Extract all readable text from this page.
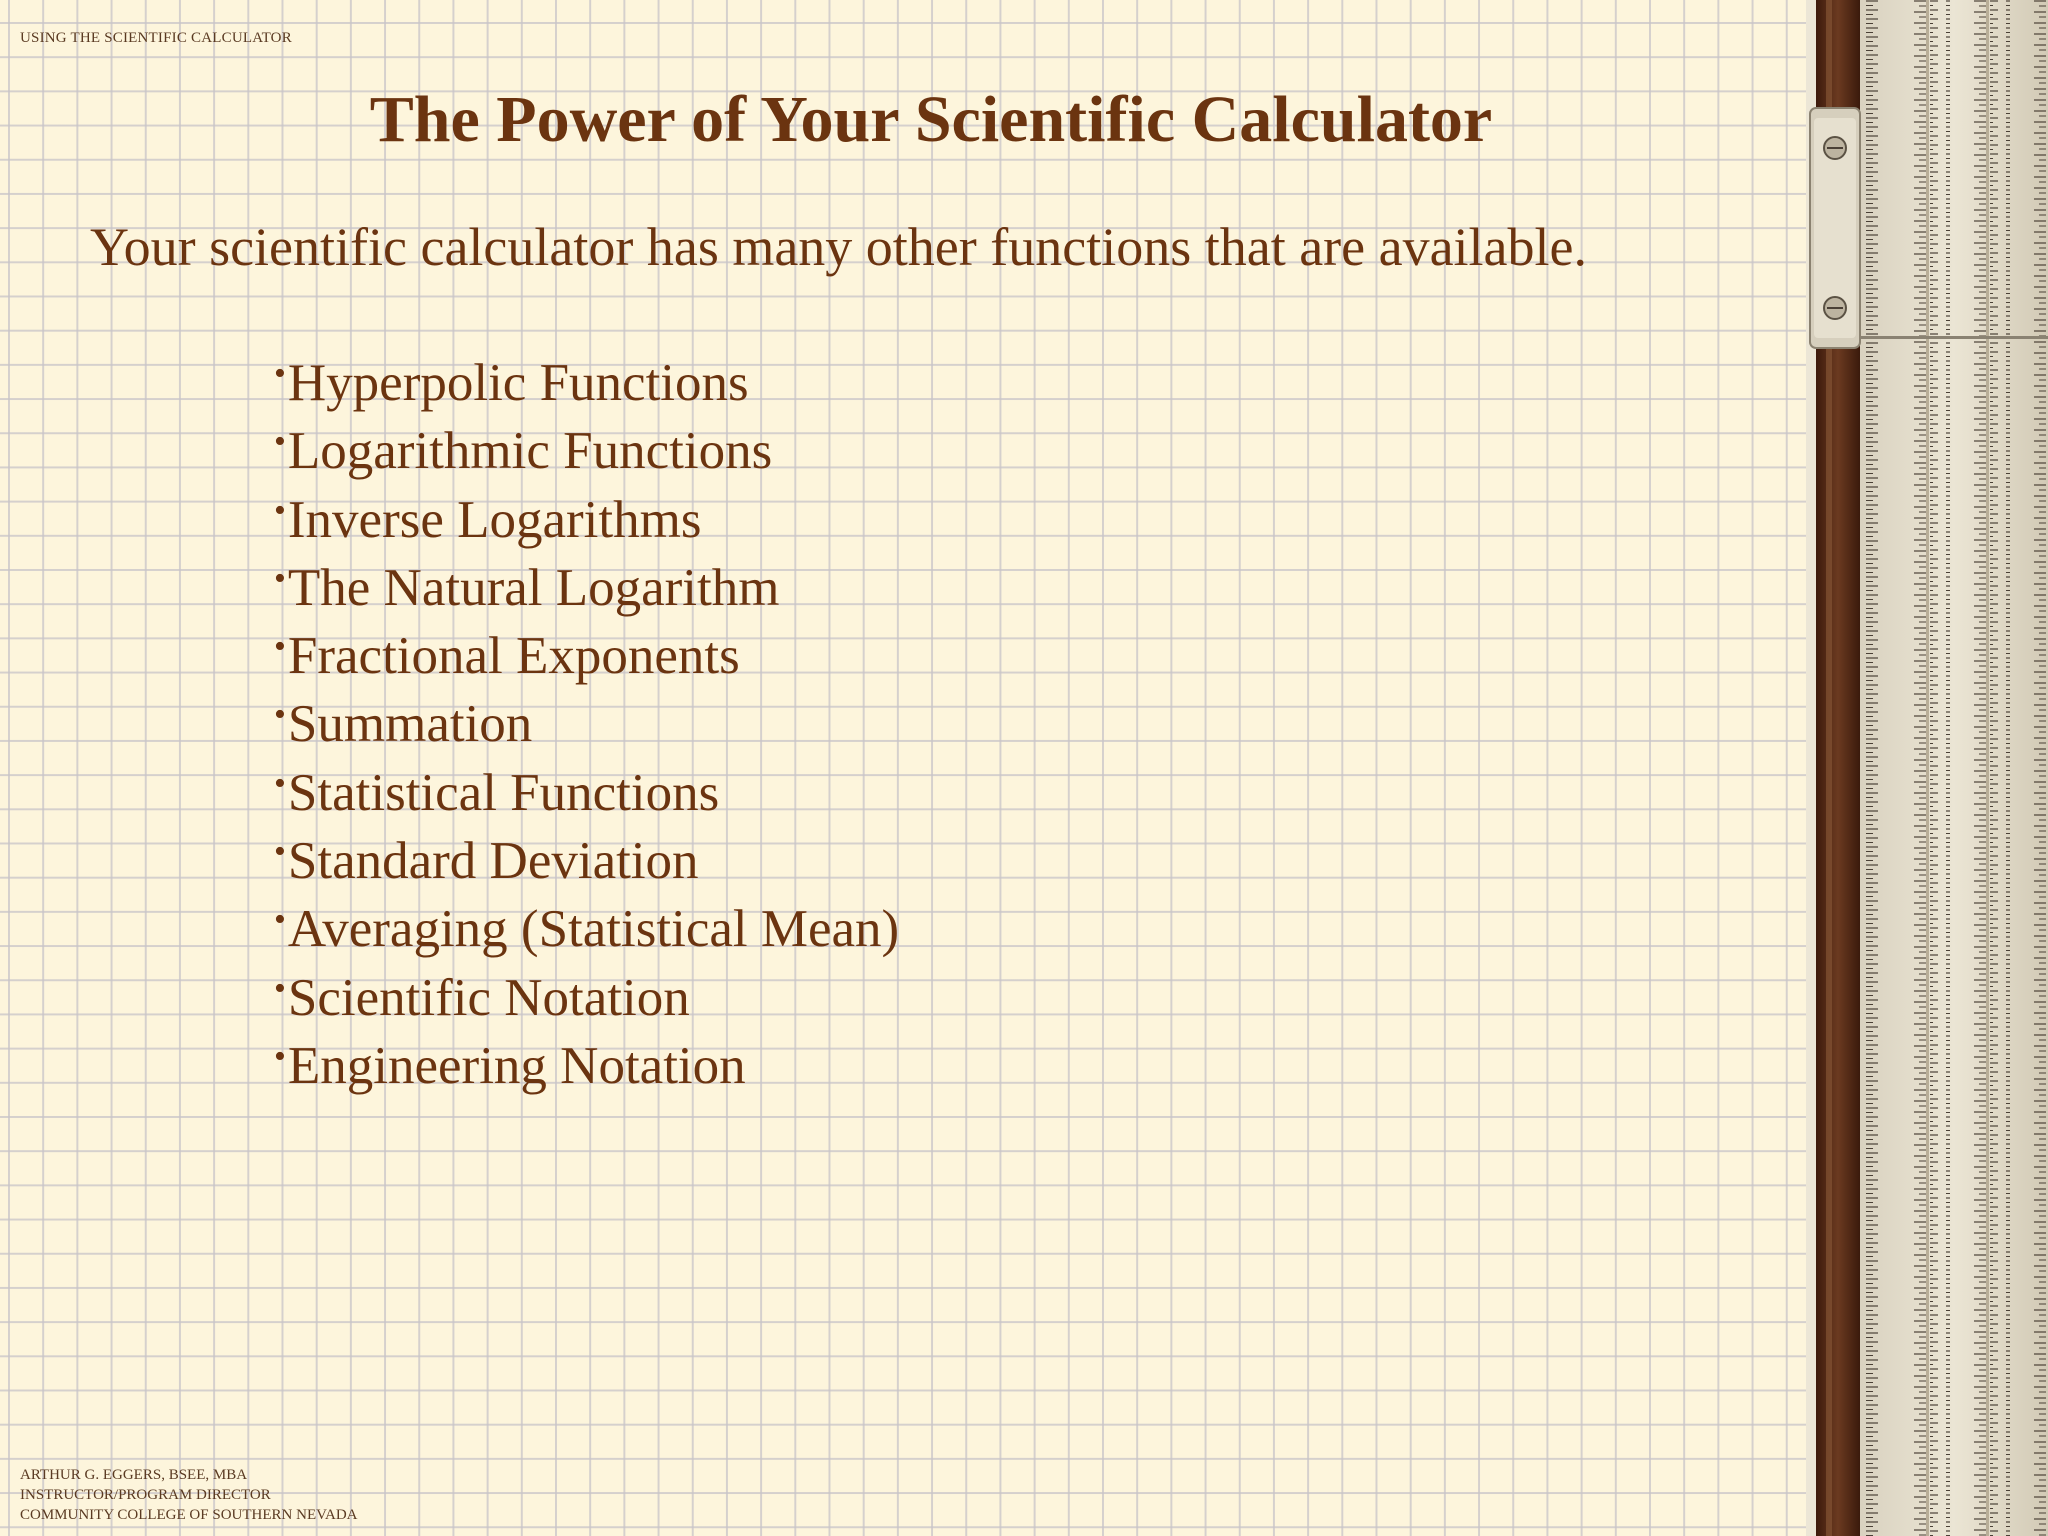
USING THE SCIENTIFIC CALCULATOR
The Power of Your Scientific Calculator

Your scientific calculator has many other functions that are available.

•Hyperpolic Functions
•Logarithmic Functions
•Inverse Logarithms
•The Natural Logarithm
•Fractional Exponents
•Summation
•Statistical Functions
•Standard Deviation
•Averaging (Statistical Mean)
•Scientific Notation
•Engineering Notation
ARTHUR G. EGGERS, BSEE, MBA
INSTRUCTOR/PROGRAM DIRECTOR
COMMUNITY COLLEGE OF SOUTHERN NEVADA
